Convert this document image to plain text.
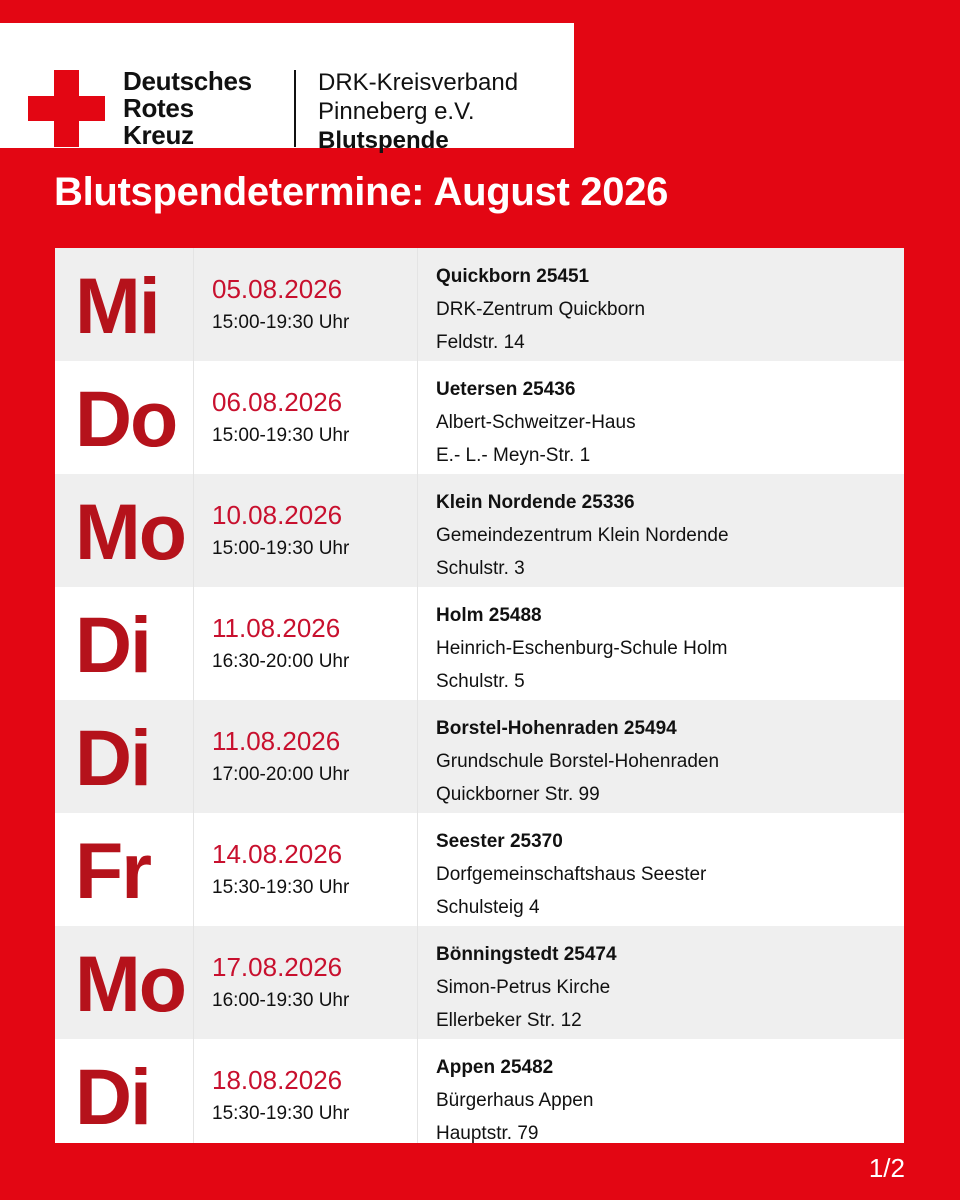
Deutsches
Rotes
Kreuz
DRK-Kreisverband
Pinneberg e.V.
Blutspende
Blutspendetermine: August 2026
Mi 05.08.2026
15:00-19:30 Uhr
Quickborn 25451
DRK-Zentrum Quickborn
Feldstr. 14
Do 06.08.2026
15:00-19:30 Uhr
Uetersen 25436
Albert-Schweitzer-Haus
E.- L.- Meyn-Str. 1
Mo 10.08.2026
15:00-19:30 Uhr
Klein Nordende 25336
Gemeindezentrum Klein Nordende
Schulstr. 3
Di 11.08.2026
16:30-20:00 Uhr
Holm 25488
Heinrich-Eschenburg-Schule Holm
Schulstr. 5
Di 11.08.2026
17:00-20:00 Uhr
Borstel-Hohenraden 25494
Grundschule Borstel-Hohenraden
Quickborner Str. 99
Fr 14.08.2026
15:30-19:30 Uhr
Seester 25370
Dorfgemeinschaftshaus Seester
Schulsteig 4
Mo 17.08.2026
16:00-19:30 Uhr
Bönningstedt 25474
Simon-Petrus Kirche
Ellerbeker Str. 12
Di 18.08.2026
15:30-19:30 Uhr
Appen 25482
Bürgerhaus Appen
Hauptstr. 79
1/2
